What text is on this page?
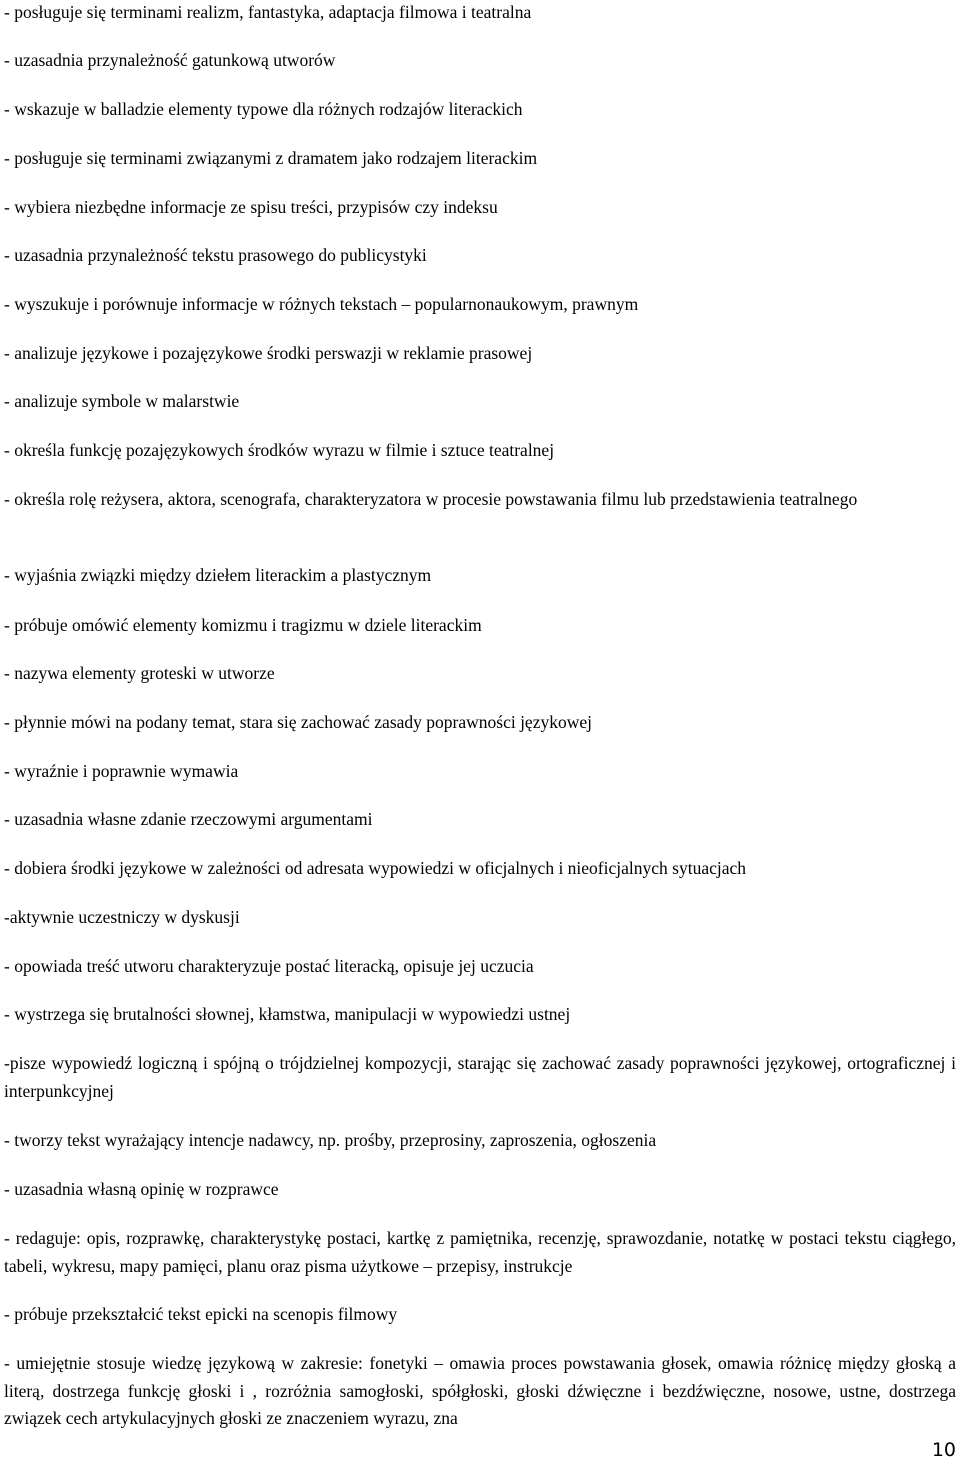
- posługuje się terminami realizm, fantastyka, adaptacja filmowa i teatralna

- uzasadnia przynależność gatunkową utworów

- wskazuje w balladzie elementy typowe dla różnych rodzajów literackich

- posługuje się terminami związanymi z dramatem jako rodzajem literackim

- wybiera niezbędne informacje ze spisu treści, przypisów czy indeksu

- uzasadnia przynależność tekstu prasowego do publicystyki

- wyszukuje i porównuje informacje w różnych tekstach – popularnonaukowym, prawnym

- analizuje językowe i pozajęzykowe środki perswazji w reklamie prasowej

- analizuje symbole w malarstwie

- określa funkcję pozajęzykowych środków wyrazu w filmie i sztuce teatralnej

- określa rolę reżysera, aktora, scenografa, charakteryzatora w procesie powstawania filmu lub przedstawienia teatralnego

- wyjaśnia związki między dziełem literackim a plastycznym

- próbuje omówić elementy komizmu i tragizmu w dziele literackim

- nazywa elementy groteski w utworze

- płynnie mówi na podany temat, stara się zachować zasady poprawności językowej

- wyraźnie i poprawnie wymawia

- uzasadnia własne zdanie rzeczowymi argumentami

- dobiera środki językowe w zależności od adresata wypowiedzi w oficjalnych i nieoficjalnych sytuacjach

-aktywnie uczestniczy w dyskusji

- opowiada treść utworu charakteryzuje postać literacką, opisuje jej uczucia

- wystrzega się brutalności słownej, kłamstwa, manipulacji w wypowiedzi ustnej

-pisze wypowiedź logiczną i spójną o trójdzielnej kompozycji, starając się zachować zasady poprawności językowej, ortograficznej i interpunkcyjnej

- tworzy tekst wyrażający intencje nadawcy, np. prośby, przeprosiny, zaproszenia, ogłoszenia

- uzasadnia własną opinię w rozprawce

- redaguje: opis, rozprawkę, charakterystykę postaci, kartkę z pamiętnika, recenzję, sprawozdanie, notatkę w postaci tekstu ciągłego, tabeli, wykresu, mapy pamięci, planu oraz pisma użytkowe – przepisy, instrukcje

- próbuje przekształcić tekst epicki na scenopis filmowy

- umiejętnie stosuje wiedzę językową w zakresie: fonetyki – omawia proces powstawania głosek, omawia różnicę między głoską a literą, dostrzega funkcję głoski i , rozróżnia samogłoski, spółgłoski, głoski dźwięczne i bezdźwięczne, nosowe, ustne, dostrzega związek cech artykulacyjnych głoski ze znaczeniem wyrazu, zna

10
